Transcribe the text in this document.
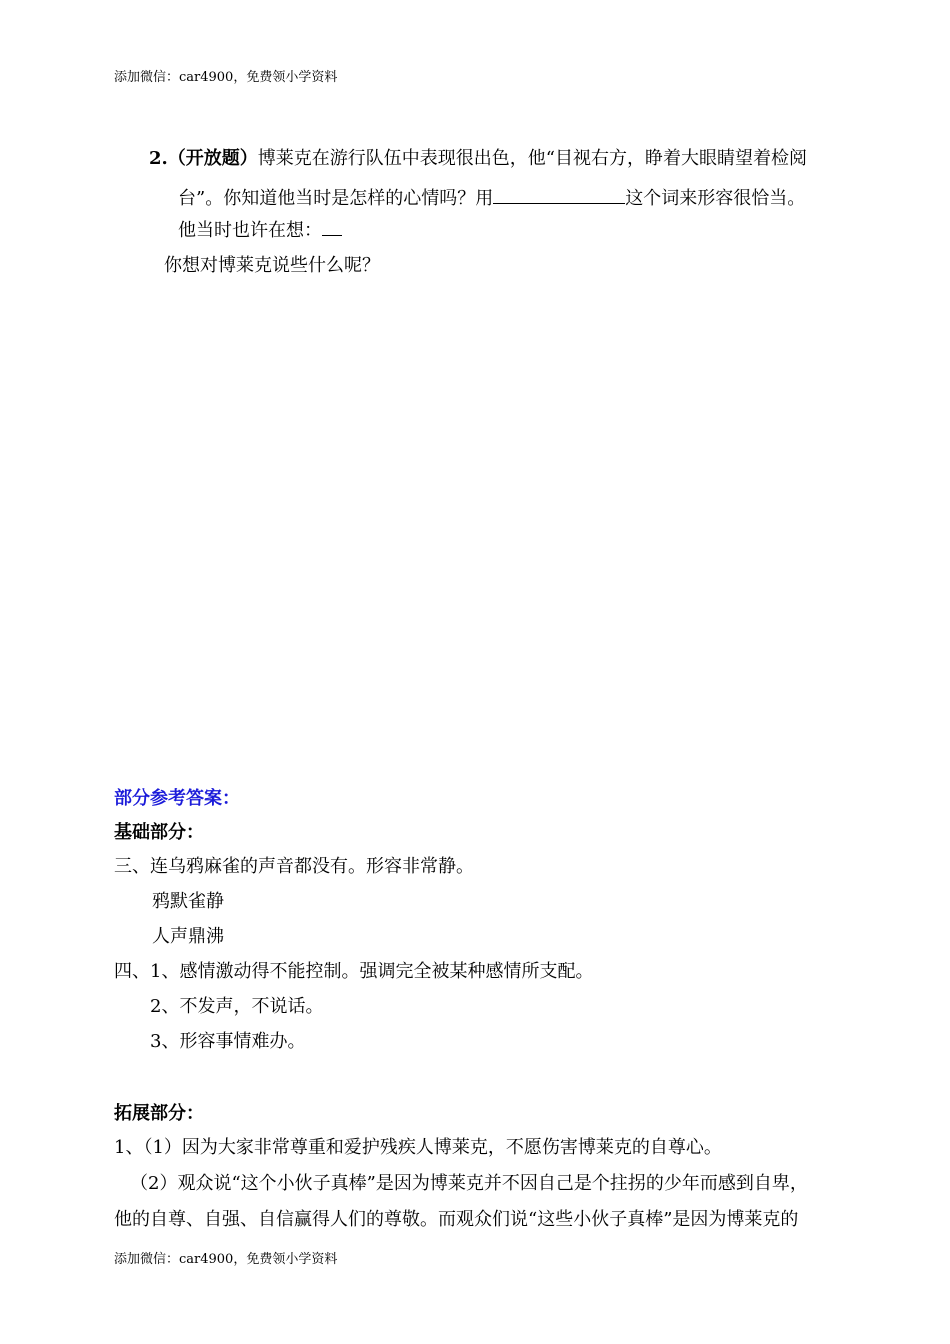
添加微信：car4900，免费领小学资料
2.（开放题）博莱克在游行队伍中表现很出色，他“目视右方，睁着大眼睛望着检阅
台”。你知道他当时是怎样的心情吗？用	这个词来形容很恰当。
他当时也许在想：
你想对博莱克说些什么呢？
部分参考答案：
基础部分：
三、连乌鸦麻雀的声音都没有。形容非常静。
鸦默雀静
人声鼎沸
四、1、感情激动得不能控制。强调完全被某种感情所支配。
2、不发声，不说话。
3、形容事情难办。
拓展部分：
1、（1）因为大家非常尊重和爱护残疾人博莱克，不愿伤害博莱克的自尊心。
（2）观众说“这个小伙子真棒”是因为博莱克并不因自己是个拄拐的少年而感到自卑，
他的自尊、自强、自信赢得人们的尊敬。而观众们说“这些小伙子真棒”是因为博莱克的
添加微信：car4900，免费领小学资料
